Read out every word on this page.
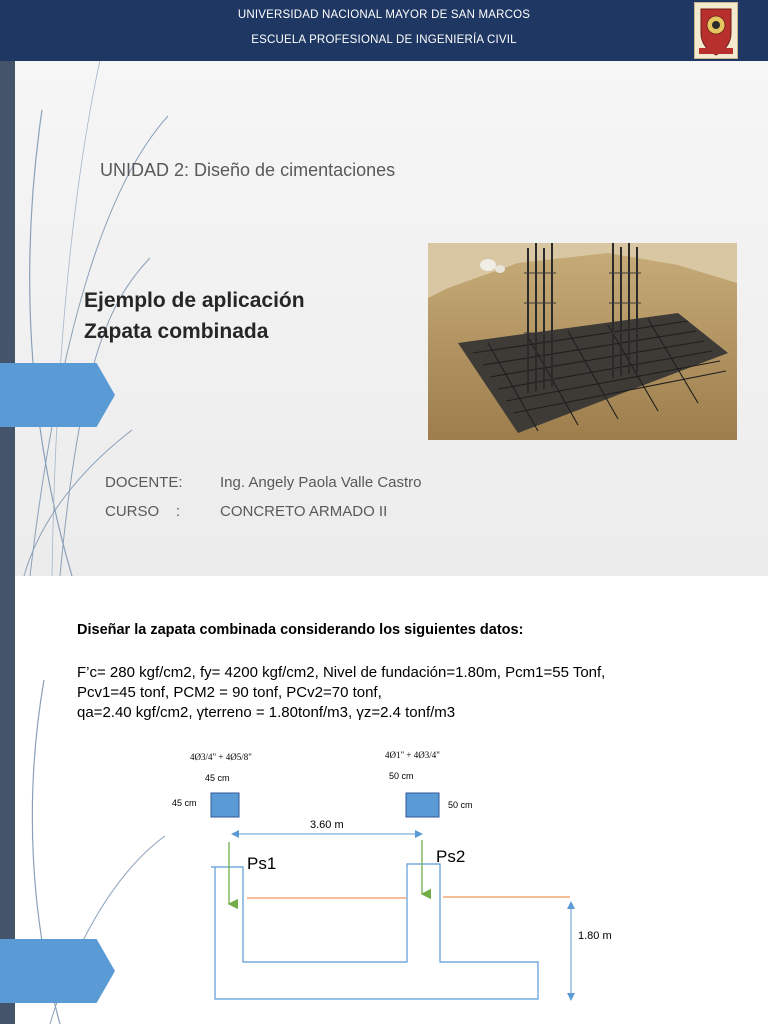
UNIVERSIDAD NACIONAL MAYOR DE SAN MARCOS
ESCUELA PROFESIONAL DE INGENIERÍA CIVIL
UNIDAD 2: Diseño de cimentaciones
Ejemplo de aplicación
Zapata combinada
DOCENTE: Ing. Angely Paola Valle Castro
CURSO    :	CONCRETO ARMADO II
Diseñar la zapata combinada considerando los siguientes datos:
F’c= 280 kgf/cm2, fy= 4200 kgf/cm2, Nivel de fundación=1.80m, Pcm1=55 Tonf,
Pcv1=45 tonf, PCM2 = 90 tonf, PCv2=70 tonf,
qa=2.40 kgf/cm2, γterreno = 1.80tonf/m3, γz=2.4 tonf/m3
4Ø3/4" + 4Ø5/8"	4Ø1" + 4Ø3/4"
45 cm
45 cm
50 cm
50 cm
3.60 m
Ps1	Ps2
1.80 m
